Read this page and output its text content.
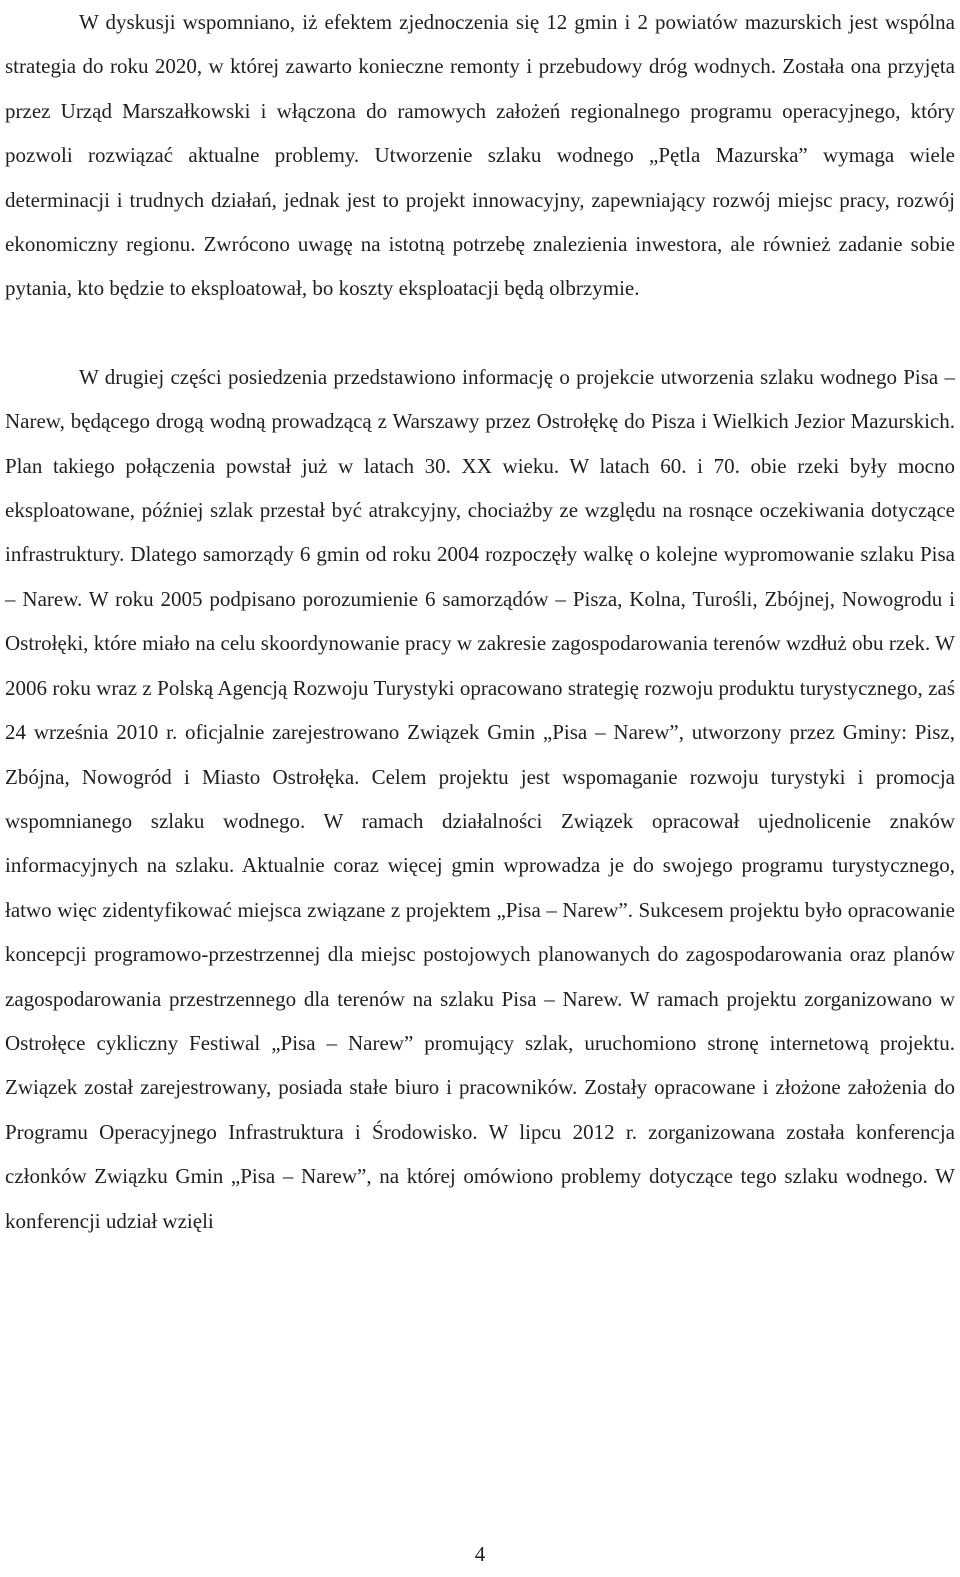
W dyskusji wspomniano, iż efektem zjednoczenia się 12 gmin i 2 powiatów mazurskich jest wspólna strategia do roku 2020, w której zawarto konieczne remonty i przebudowy dróg wodnych. Została ona przyjęta przez Urząd Marszałkowski i włączona do ramowych założeń regionalnego programu operacyjnego, który pozwoli rozwiązać aktualne problemy. Utworzenie szlaku wodnego „Pętla Mazurska” wymaga wiele determinacji i trudnych działań, jednak jest to projekt innowacyjny, zapewniający rozwój miejsc pracy, rozwój ekonomiczny regionu. Zwrócono uwagę na istotną potrzebę znalezienia inwestora, ale również zadanie sobie pytania, kto będzie to eksploatował, bo koszty eksploatacji będą olbrzymie.

W drugiej części posiedzenia przedstawiono informację o projekcie utworzenia szlaku wodnego Pisa – Narew, będącego drogą wodną prowadzącą z Warszawy przez Ostrołękę do Pisza i Wielkich Jezior Mazurskich. Plan takiego połączenia powstał już w latach 30. XX wieku. W latach 60. i 70. obie rzeki były mocno eksploatowane, później szlak przestał być atrakcyjny, chociażby ze względu na rosnące oczekiwania dotyczące infrastruktury. Dlatego samorządy 6 gmin od roku 2004 rozpoczęły walkę o kolejne wypromowanie szlaku Pisa – Narew. W roku 2005 podpisano porozumienie 6 samorządów – Pisza, Kolna, Turośli, Zbójnej, Nowogrodu i Ostrołęki, które miało na celu skoordynowanie pracy w zakresie zagospodarowania terenów wzdłuż obu rzek. W 2006 roku wraz z Polską Agencją Rozwoju Turystyki opracowano strategię rozwoju produktu turystycznego, zaś 24 września 2010 r. oficjalnie zarejestrowano Związek Gmin „Pisa – Narew”, utworzony przez Gminy: Pisz, Zbójna, Nowogród i Miasto Ostrołęka. Celem projektu jest wspomaganie rozwoju turystyki i promocja wspomnianego szlaku wodnego. W ramach działalności Związek opracował ujednolicenie znaków informacyjnych na szlaku. Aktualnie coraz więcej gmin wprowadza je do swojego programu turystycznego, łatwo więc zidentyfikować miejsca związane z projektem „Pisa – Narew”. Sukcesem projektu było opracowanie koncepcji programowo-przestrzennej dla miejsc postojowych planowanych do zagospodarowania oraz planów zagospodarowania przestrzennego dla terenów na szlaku Pisa – Narew. W ramach projektu zorganizowano w Ostrołęce cykliczny Festiwal „Pisa – Narew” promujący szlak, uruchomiono stronę internetową projektu. Związek został zarejestrowany, posiada stałe biuro i pracowników. Zostały opracowane i złożone założenia do Programu Operacyjnego Infrastruktura i Środowisko. W lipcu 2012 r. zorganizowana została konferencja członków Związku Gmin „Pisa – Narew”, na której omówiono problemy dotyczące tego szlaku wodnego. W konferencji udział wzięli

4
